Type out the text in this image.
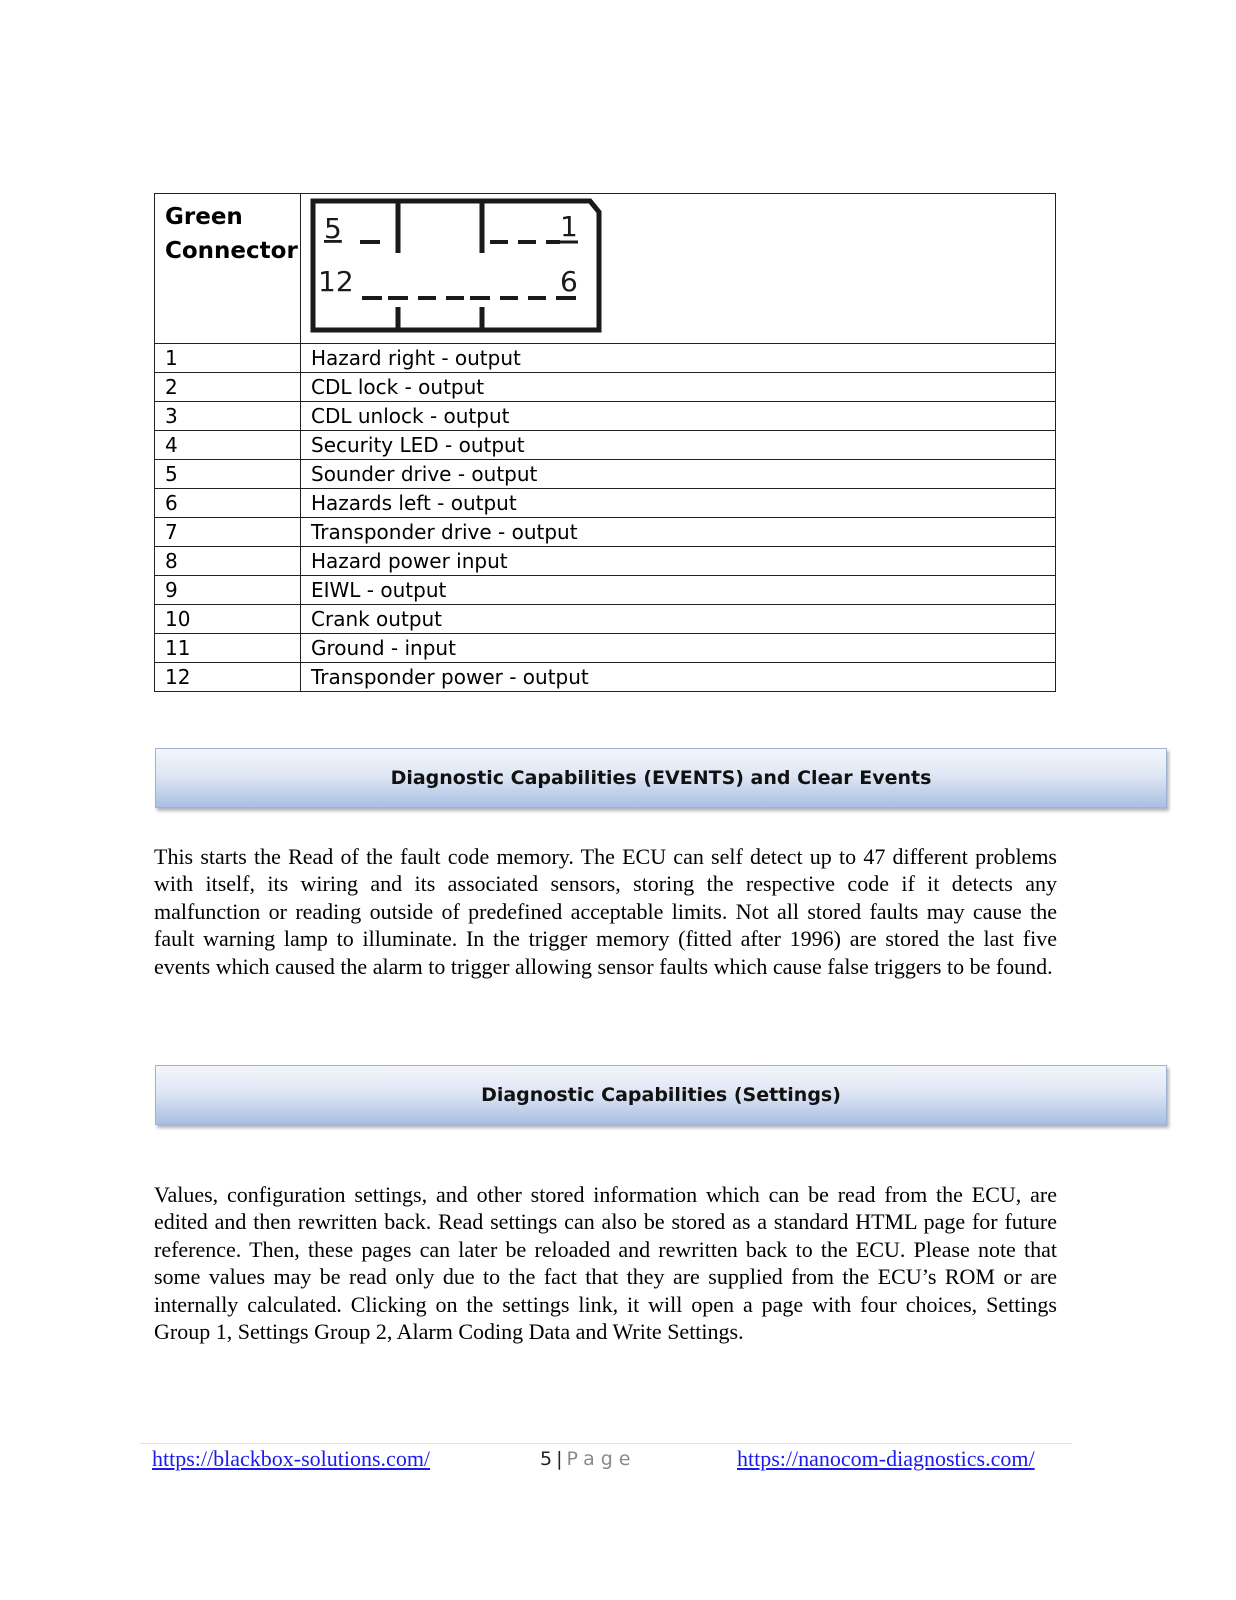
Green
Connector	5 1
12 6

1	Hazard right - output
2	CDL lock - output
3	CDL unlock - output
4	Security LED - output
5	Sounder drive - output
6	Hazards left - output
7	Transponder drive - output
8	Hazard power input
9	EIWL - output
10	Crank output
11	Ground - input
12	Transponder power - output
Diagnostic Capabilities (EVENTS) and Clear Events

This starts the Read of the fault code memory. The ECU can self detect up to 47 different problems with itself, its wiring and its associated sensors, storing the respective code if it detects any malfunction or reading outside of predefined acceptable limits. Not all stored faults may cause the fault warning lamp to illuminate. In the trigger memory (fitted after 1996) are stored the last five events which caused the alarm to trigger allowing sensor faults which cause false triggers to be found.

Diagnostic Capabilities (Settings)

Values, configuration settings, and other stored information which can be read from the ECU, are edited and then rewritten back. Read settings can also be stored as a standard HTML page for future reference. Then, these pages can later be reloaded and rewritten back to the ECU. Please note that some values may be read only due to the fact that they are supplied from the ECU’s ROM or are internally calculated. Clicking on the settings link, it will open a page with four choices, Settings Group 1, Settings Group 2, Alarm Coding Data and Write Settings.

https://blackbox-solutions.com/	5 | Page	https://nanocom-diagnostics.com/
